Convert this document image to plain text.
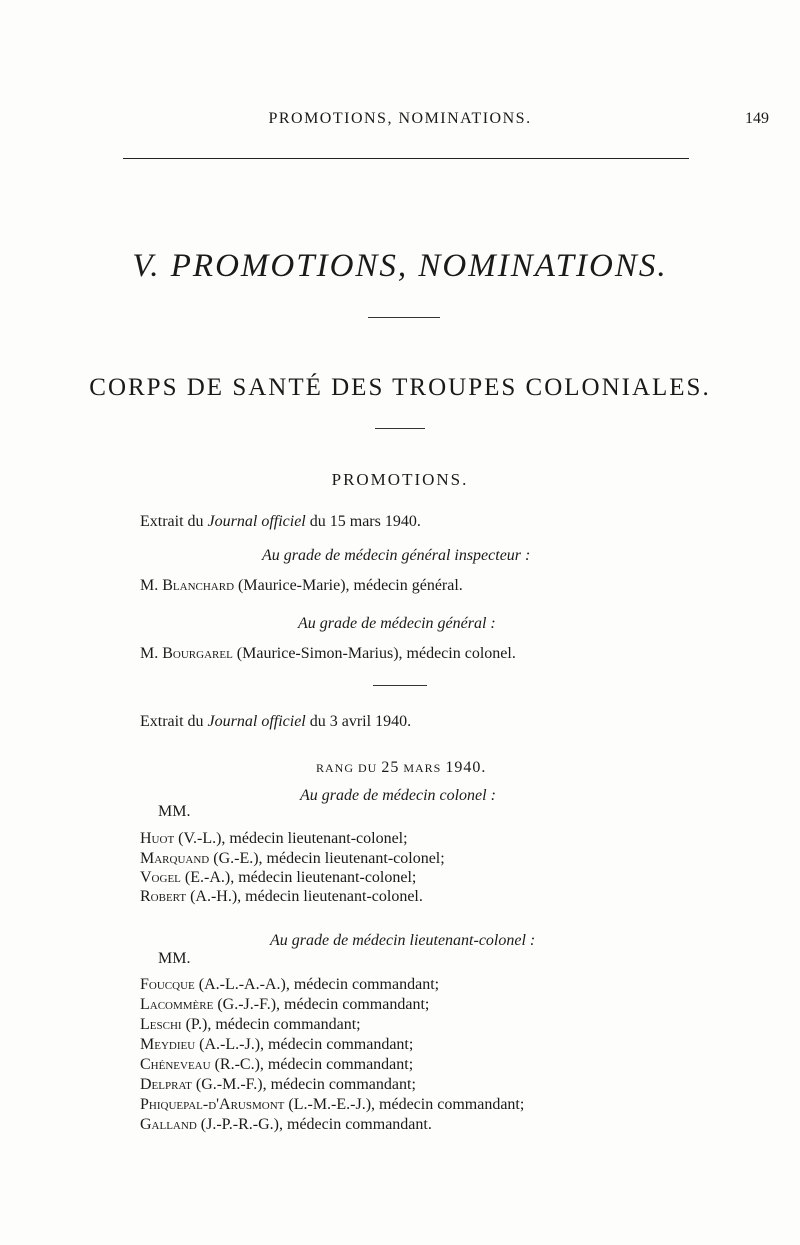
PROMOTIONS, NOMINATIONS.	149
V. PROMOTIONS, NOMINATIONS.
CORPS DE SANTÉ DES TROUPES COLONIALES.
PROMOTIONS.
Extrait du Journal officiel du 15 mars 1940.
Au grade de médecin général inspecteur :
M. Blanchard (Maurice-Marie), médecin général.
Au grade de médecin général :
M. Bourgarel (Maurice-Simon-Marius), médecin colonel.
Extrait du Journal officiel du 3 avril 1940.
RANG DU 25 MARS 1940.
Au grade de médecin colonel :
MM.
Huot (V.-L.), médecin lieutenant-colonel;
Marquand (G.-E.), médecin lieutenant-colonel;
Vogel (E.-A.), médecin lieutenant-colonel;
Robert (A.-H.), médecin lieutenant-colonel.
Au grade de médecin lieutenant-colonel :
MM.
Foucque (A.-L.-A.-A.), médecin commandant;
Lacommère (G.-J.-F.), médecin commandant;
Leschi (P.), médecin commandant;
Meydieu (A.-L.-J.), médecin commandant;
Chéneveau (R.-C.), médecin commandant;
Delprat (G.-M.-F.), médecin commandant;
Phiquepal-d'Arusmont (L.-M.-E.-J.), médecin commandant;
Galland (J.-P.-R.-G.), médecin commandant.
